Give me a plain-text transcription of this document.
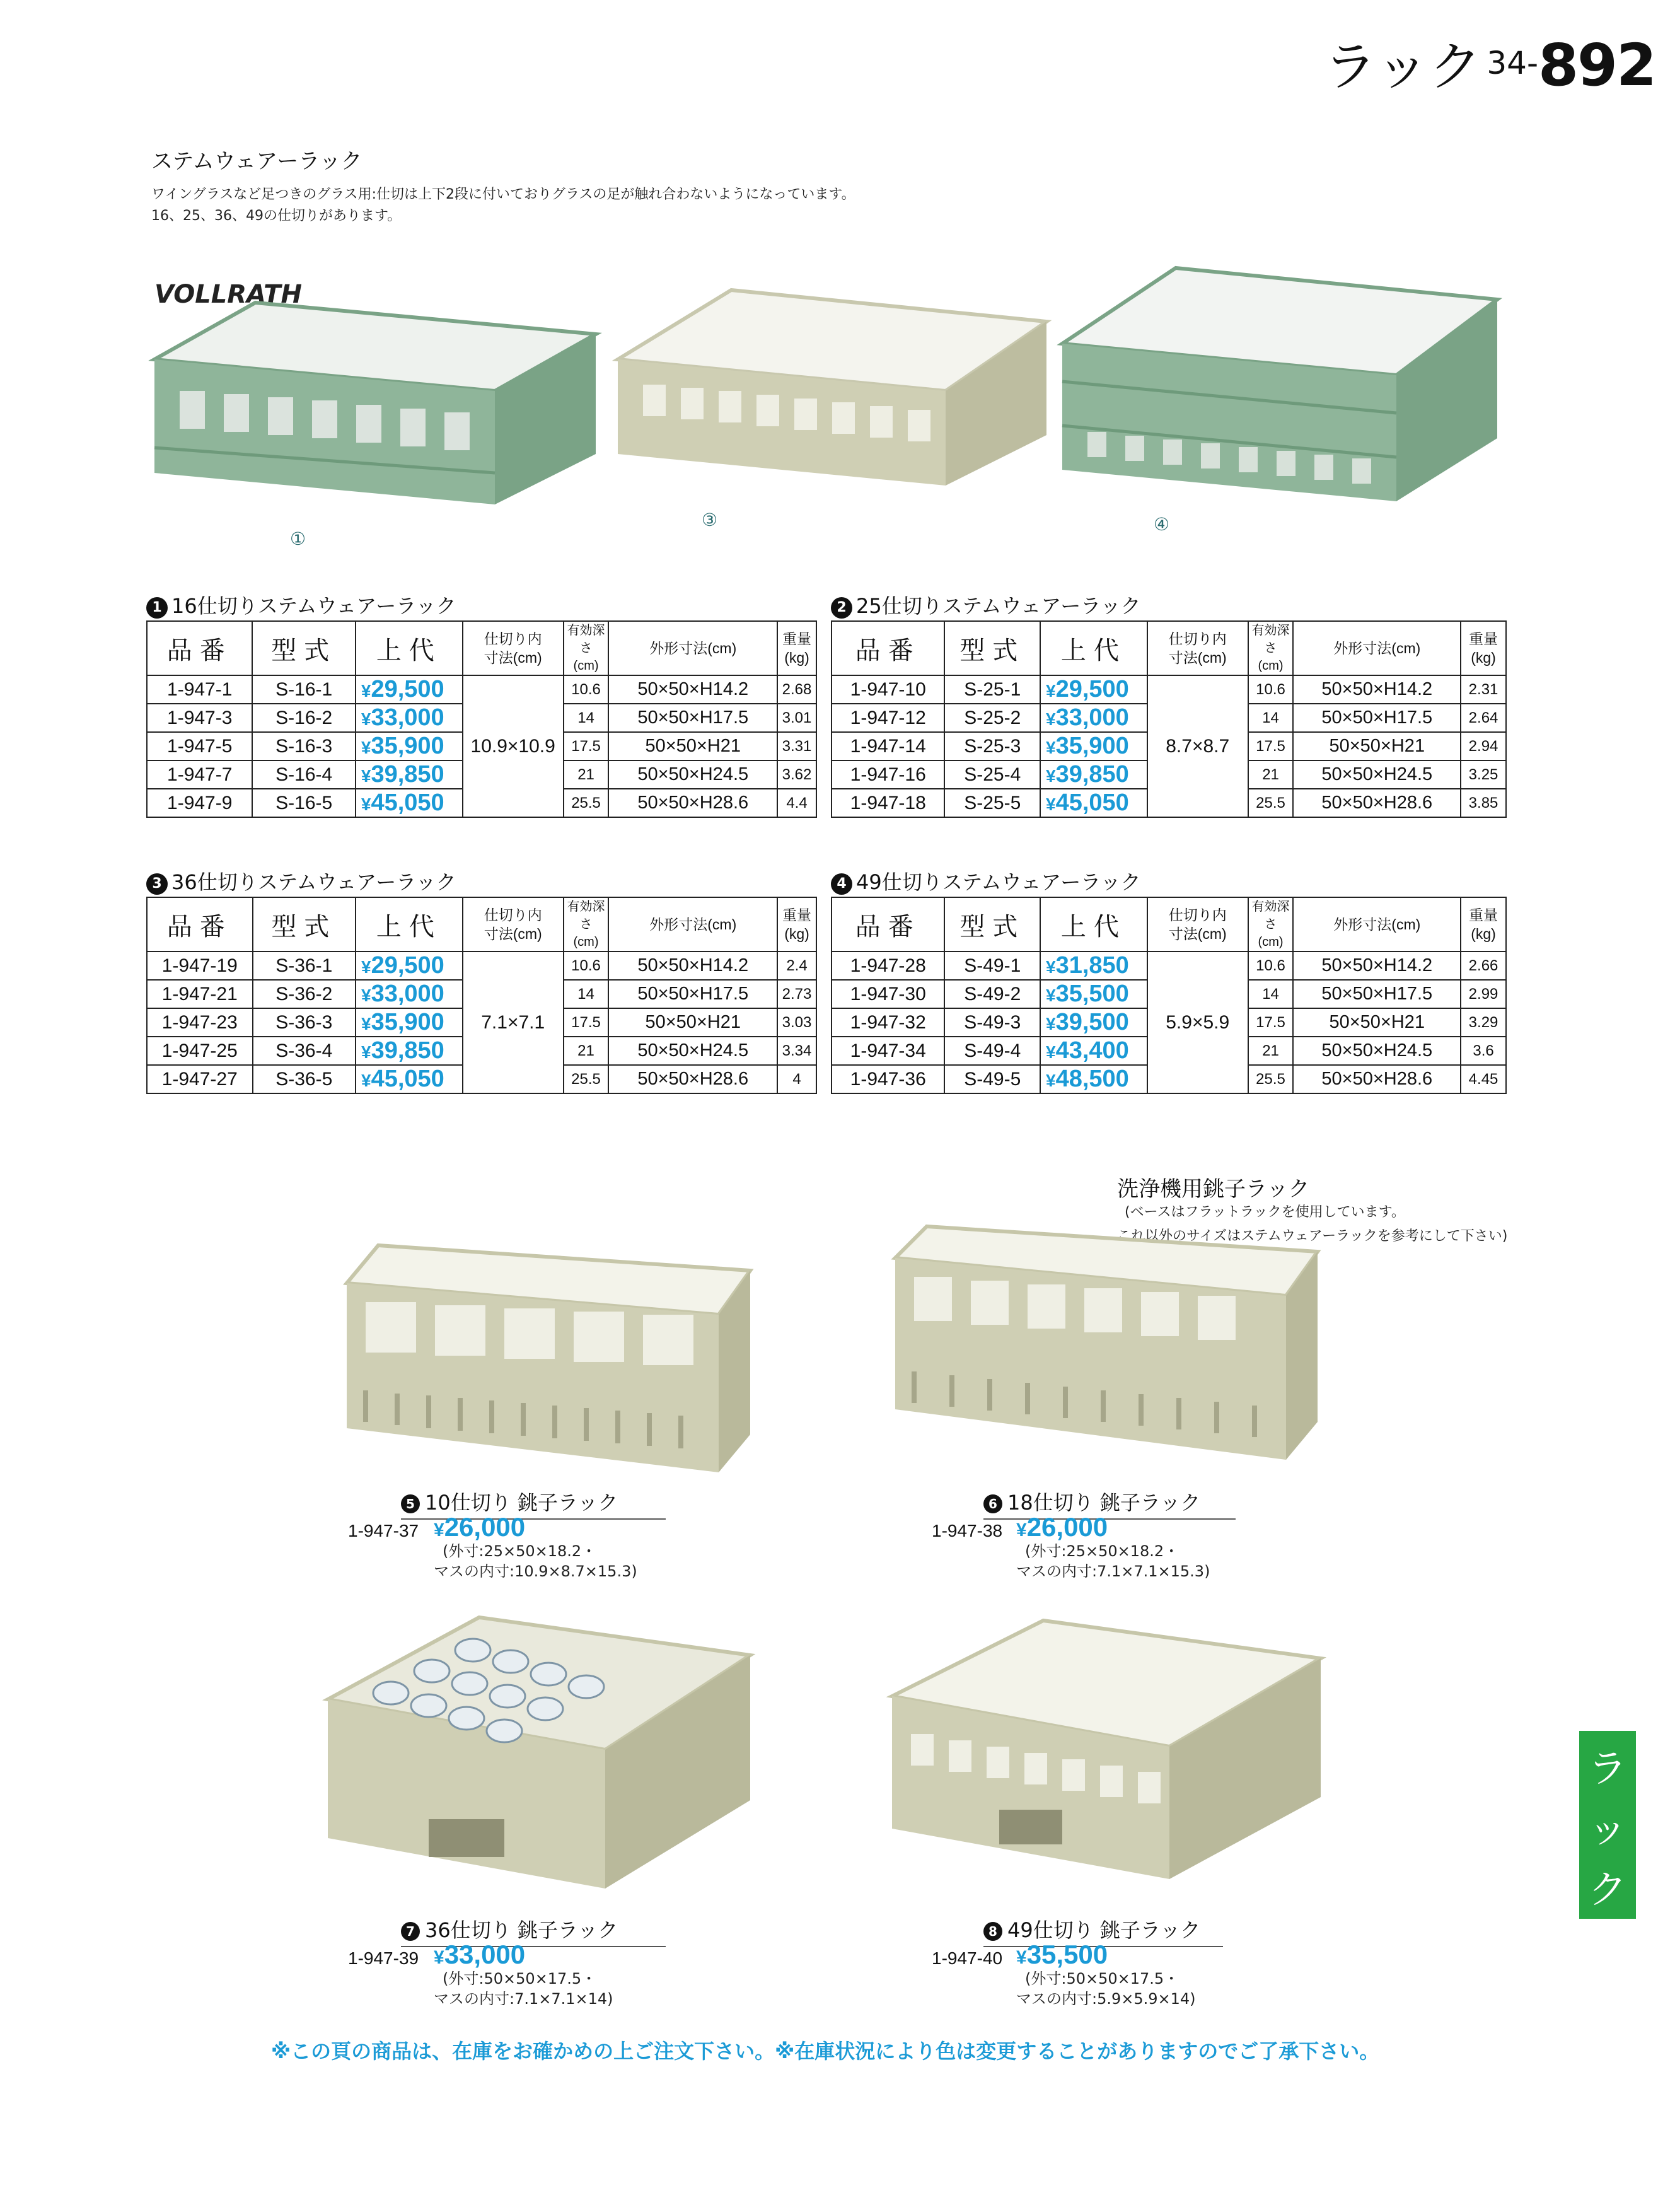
ラック $^{34-}$892
ステムウェアーラック
ワイングラスなど足つきのグラス用:仕切は上下2段に付いておりグラスの足が触れ合わないようになっています。
16、25、36、49の仕切りがあります。
VOLLRATH
①
③	④
1 16仕切りステムウェアーラック
品番	型式	上代	仕切り内
寸法(cm)	有効深さ
(cm)	外形寸法(cm)	重量
(kg)
1-947-1	S-16-1	¥29,500	10.9×10.9	10.6	50×50×H14.2	2.68
1-947-3	S-16-2	¥33,000		14	50×50×H17.5	3.01
1-947-5	S-16-3	¥35,900		17.5	50×50×H21	3.31
1-947-7	S-16-4	¥39,850		21	50×50×H24.5	3.62
1-947-9	S-16-5	¥45,050		25.5	50×50×H28.6	4.4
2 25仕切りステムウェアーラック
品番	型式	上代	仕切り内
寸法(cm)	有効深さ
(cm)	外形寸法(cm)	重量
(kg)
1-947-10	S-25-1	¥29,500	8.7×8.7	10.6	50×50×H14.2	2.31
1-947-12	S-25-2	¥33,000		14	50×50×H17.5	2.64
1-947-14	S-25-3	¥35,900		17.5	50×50×H21	2.94
1-947-16	S-25-4	¥39,850		21	50×50×H24.5	3.25
1-947-18	S-25-5	¥45,050		25.5	50×50×H28.6	3.85
3 36仕切りステムウェアーラック
品番	型式	上代	仕切り内
寸法(cm)	有効深さ
(cm)	外形寸法(cm)	重量
(kg)
1-947-19	S-36-1	¥29,500	7.1×7.1	10.6	50×50×H14.2	2.4
1-947-21	S-36-2	¥33,000		14	50×50×H17.5	2.73
1-947-23	S-36-3	¥35,900		17.5	50×50×H21	3.03
1-947-25	S-36-4	¥39,850		21	50×50×H24.5	3.34
1-947-27	S-36-5	¥45,050		25.5	50×50×H28.6	4
4 49仕切りステムウェアーラック
品番	型式	上代	仕切り内
寸法(cm)	有効深さ
(cm)	外形寸法(cm)	重量
(kg)
1-947-28	S-49-1	¥31,850	5.9×5.9	10.6	50×50×H14.2	2.66
1-947-30	S-49-2	¥35,500		14	50×50×H17.5	2.99
1-947-32	S-49-3	¥39,500		17.5	50×50×H21	3.29
1-947-34	S-49-4	¥43,400		21	50×50×H24.5	3.6
1-947-36	S-49-5	¥48,500		25.5	50×50×H28.6	4.45
洗浄機用銚子ラック
(ベースはフラットラックを使用しています。
これ以外のサイズはステムウェアーラックを参考にして下さい)
5 10仕切り 銚子ラック
1-947-37 ¥26,000
(外寸:25×50×18.2・
マスの内寸:10.9×8.7×15.3)
6 18仕切り 銚子ラック
1-947-38 ¥26,000
(外寸:25×50×18.2・
マスの内寸:7.1×7.1×15.3)
7 36仕切り 銚子ラック
1-947-39 ¥33,000
(外寸:50×50×17.5・
マスの内寸:7.1×7.1×14)
8 49仕切り 銚子ラック
1-947-40 ¥35,500
(外寸:50×50×17.5・
マスの内寸:5.9×5.9×14)
※この頁の商品は、在庫をお確かめの上ご注文下さい。※在庫状況により色は変更することがありますのでご了承下さい。
ラ
ッ
ク
